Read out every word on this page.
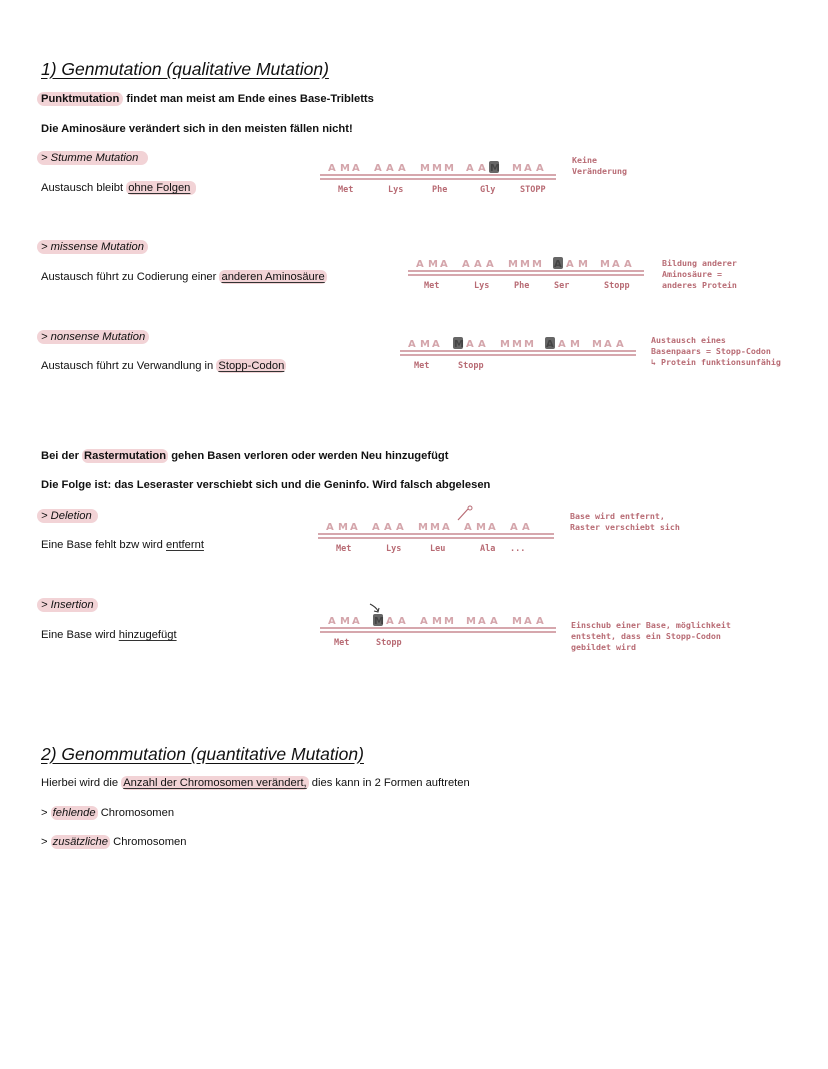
1) Genmutation (qualitative Mutation)
Punktmutation findet man meist am Ende eines Base-Tribletts
Die Aminosäure verändert sich in den meisten fällen nicht!
> Stumme Mutation
Austausch bleibt ohne Folgen
> missense Mutation
Austausch führt zu Codierung einer anderen Aminosäure
> nonsense Mutation
Austausch führt zu Verwandlung in Stopp-Codon
Bei der Rastermutation gehen Basen verloren oder werden Neu hinzugefügt
Die Folge ist: das Leseraster verschiebt sich und die Geninfo. Wird falsch abgelesen
> Deletion
Eine Base fehlt bzw wird entfernt
> Insertion
Eine Base wird hinzugefügt
2) Genommutation (quantitative Mutation)
Hierbei wird die Anzahl der Chromosomen verändert, dies kann in 2 Formen auftreten
> fehlende Chromosomen
> zusätzliche Chromosomen
A M A A A A M M M A A M M A A
Met	Lys	Phe	Gly	STOPP
Keine
Veränderung
A M A A A A M M M A A M M A A
Met	Lys	Phe	Ser	Stopp
Bildung anderer
Aminosäure =
anderes Protein
A M A M A A M M M A A M M A A
Met	Stopp
Austausch eines
Basenpaars = Stopp-Codon
↳ Protein funktionsunfähig
A M A A A A M M A A M A A A
Met	Lys	Leu	Ala ...
Base wird entfernt,
Raster verschiebt sich
A M A M A A A M M M A A M A A
Met	Stopp
Einschub einer Base, möglichkeit
entsteht, dass ein Stopp-Codon
gebildet wird
